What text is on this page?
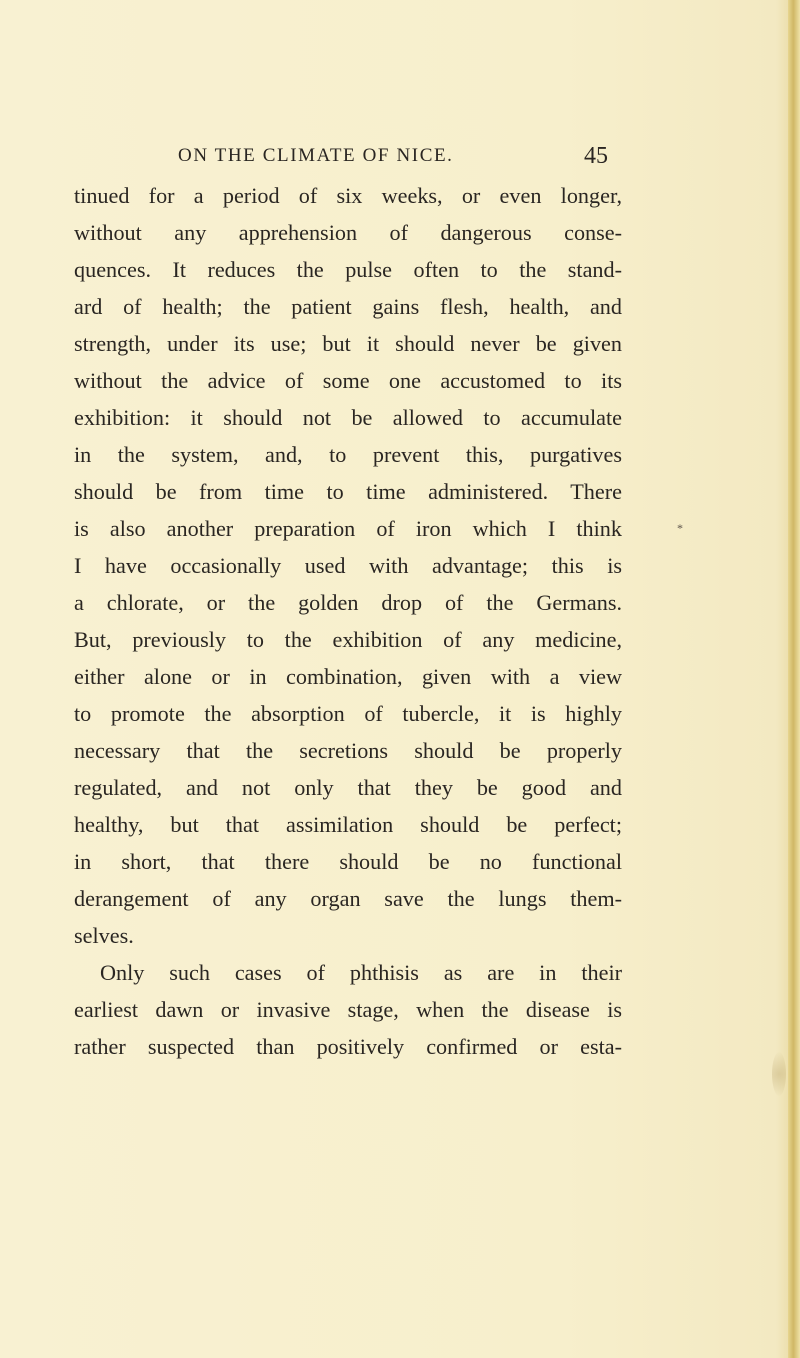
ON THE CLIMATE OF NICE.	45
tinued for a period of six weeks, or even longer,
without any apprehension of dangerous conse-
quences. It reduces the pulse often to the stand-
ard of health; the patient gains flesh, health, and
strength, under its use; but it should never be given
without the advice of some one accustomed to its
exhibition: it should not be allowed to accumulate
in the system, and, to prevent this, purgatives
should be from time to time administered. There
is also another preparation of iron which I think
I have occasionally used with advantage; this is
a chlorate, or the golden drop of the Germans.
But, previously to the exhibition of any medicine,
either alone or in combination, given with a view
to promote the absorption of tubercle, it is highly
necessary that the secretions should be properly
regulated, and not only that they be good and
healthy, but that assimilation should be perfect;
in short, that there should be no functional
derangement of any organ save the lungs them-
selves.
Only such cases of phthisis as are in their
earliest dawn or invasive stage, when the disease is
rather suspected than positively confirmed or esta-
*
